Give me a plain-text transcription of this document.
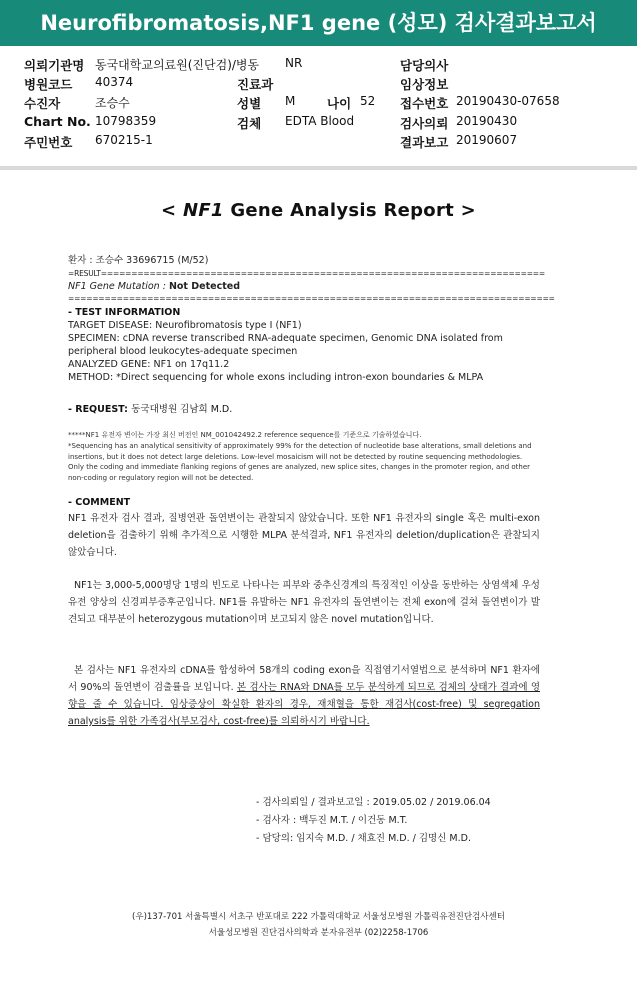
Neurofibromatosis,NF1 gene (성모) 검사결과보고서
의뢰기관명 동국대학교의료원(진단검)/병동 NR	담당의사
병원코드 40374	진료과	임상정보
수진자	조승수	성별 M	나이 52 접수번호 20190430-07658
Chart No. 10798359	검체 EDTA Blood	검사의뢰 20190430
주민번호 670215-1	결과보고 20190607
< NF1 Gene Analysis Report >
환자 : 조승수 33696715 (M/52)
=RESULT=========================================================================
NF1 Gene Mutation : Not Detected
================================================================================
- TEST INFORMATION
TARGET DISEASE: Neurofibromatosis type I (NF1)
SPECIMEN: cDNA reverse transcribed RNA-adequate specimen, Genomic DNA isolated from
peripheral blood leukocytes-adequate specimen
ANALYZED GENE: NF1 on 17q11.2
METHOD: *Direct sequencing for whole exons including intron-exon boundaries & MLPA
- REQUEST: 동국대병원 김남희 M.D.
*****NF1 유전자 변이는 가장 최신 버전인 NM_001042492.2 reference sequence를 기준으로 기술하였습니다.
*Sequencing has an analytical sensitivity of approximately 99% for the detection of nucleotide base alterations, small deletions and insertions, but it does not detect large deletions. Low-level mosaicism will not be detected by routine sequencing methodologies. Only the coding and immediate flanking regions of genes are analyzed, new splice sites, changes in the promoter region, and other non-coding or regulatory region will not be detected.
- COMMENT
NF1 유전자 검사 결과, 질병연관 돌연변이는 관찰되지 않았습니다. 또한 NF1 유전자의 single 혹은 multi-exon deletion을 검출하기 위해 추가적으로 시행한 MLPA 분석결과, NF1 유전자의 deletion/duplication은 관찰되지 않았습니다.
NF1는 3,000-5,000명당 1명의 빈도로 나타나는 피부와 중추신경계의 특징적인 이상을 동반하는 상염색체 우성유전 양상의 신경피부증후군입니다. NF1를 유발하는 NF1 유전자의 돌연변이는 전체 exon에 걸쳐 돌연변이가 발견되고 대부분이 heterozygous mutation이며 보고되지 않은 novel mutation입니다.
본 검사는 NF1 유전자의 cDNA를 합성하여 58개의 coding exon을 직접염기서열법으로 분석하며 NF1 환자에서 90%의 돌연변이 검출률을 보입니다. 본 검사는 RNA와 DNA를 모두 분석하게 되므로 검체의 상태가 결과에 영향을 줄 수 있습니다. 임상증상이 확실한 환자의 경우, 재채혈을 통한 재검사(cost-free) 및 segregation analysis를 위한 가족검사(부모검사, cost-free)를 의뢰하시기 바랍니다.
- 검사의뢰일 / 결과보고일 : 2019.05.02 / 2019.06.04
- 검사자 : 백두진 M.T. / 이건동 M.T.
- 담당의: 임지숙 M.D. / 채효진 M.D. / 김명신 M.D.
(우)137-701 서울특별시 서초구 반포대로 222 가톨릭대학교 서울성모병원 가톨릭유전진단검사센터
서울성모병원 진단검사의학과 분자유전부 (02)2258-1706
